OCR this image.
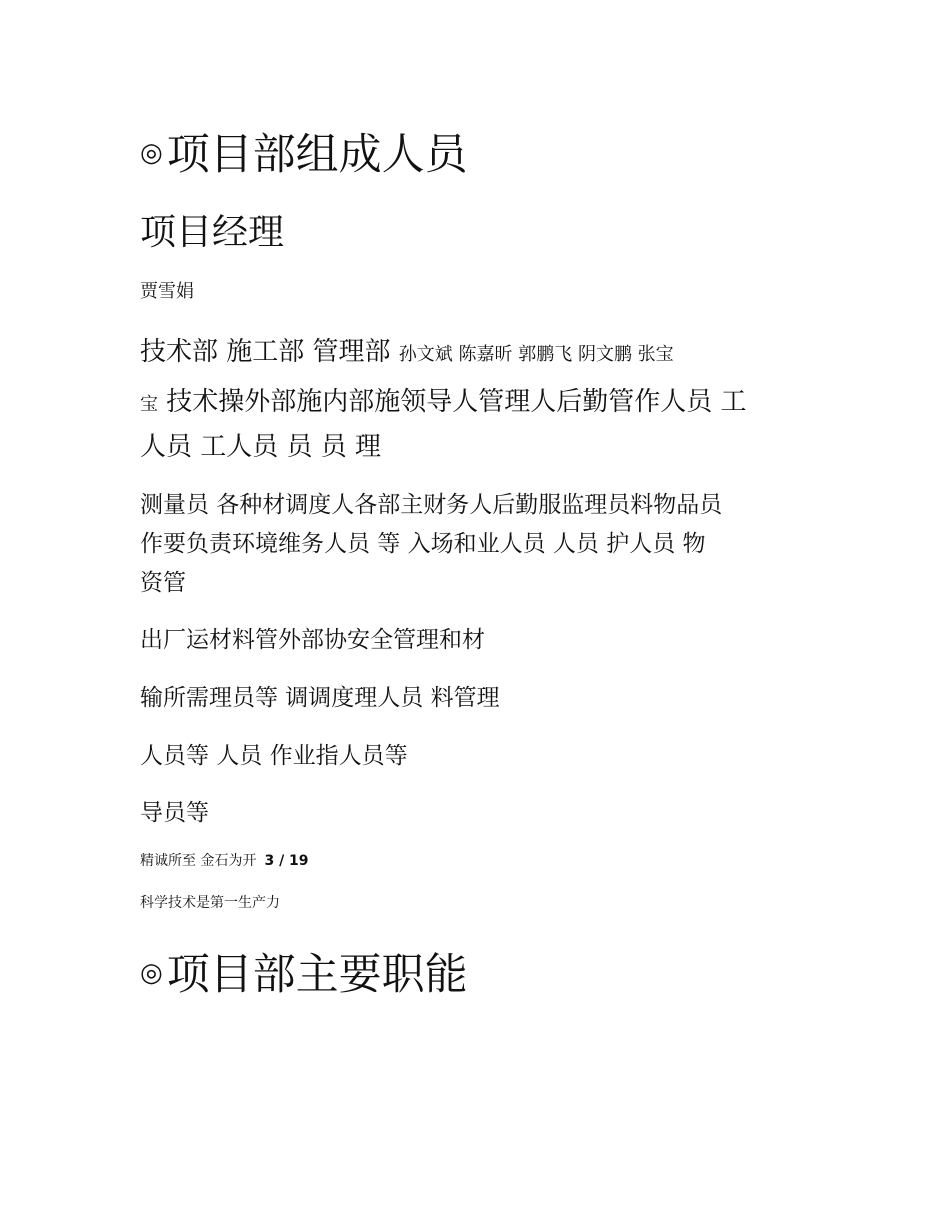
◎项目部组成人员
项目经理
贾雪娟
技术部 施工部 管理部 孙文斌 陈嘉昕 郭鹏飞 阴文鹏 张宝
宝 技术操外部施内部施领导人管理人后勤管作人员 工
人员 工人员 员 员 理
测量员 各种材调度人各部主财务人后勤服监理员料物品员
作要负责环境维务人员 等 入场和业人员 人员 护人员 物
资管
出厂运材料管外部协安全管理和材
输所需理员等 调调度理人员 料管理
人员等 人员 作业指人员等
导员等
精诚所至 金石为开 3 / 19
科学技术是第一生产力
◎项目部主要职能
